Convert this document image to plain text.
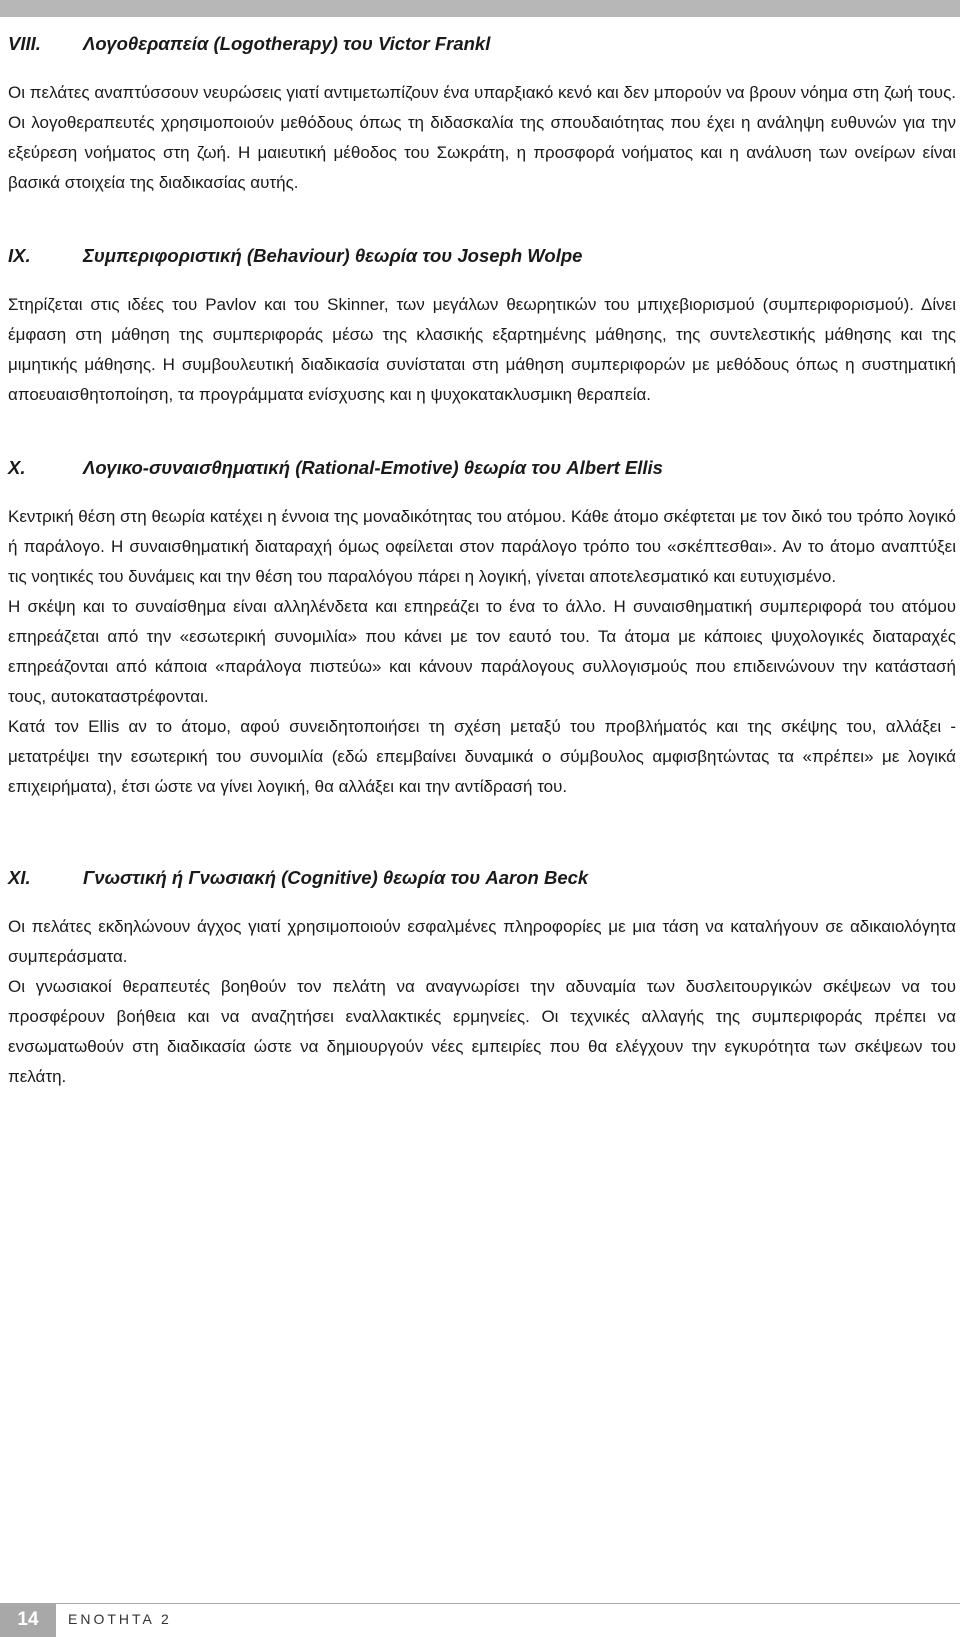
VIII.	Λογοθεραπεία (Logotherapy) του Victor Frankl

Οι πελάτες αναπτύσσουν νευρώσεις γιατί αντιμετωπίζουν ένα υπαρξιακό κενό και δεν μπορούν να βρουν νόημα στη ζωή τους. Οι λογοθεραπευτές χρησιμοποιούν μεθόδους όπως τη διδασκαλία της σπουδαιότητας που έχει η ανάληψη ευθυνών για την εξεύρεση νοήματος στη ζωή. Η μαιευτική μέθοδος του Σωκράτη, η προσφορά νοήματος και η ανάλυση των ονείρων είναι βασικά στοιχεία της διαδικασίας αυτής.

IX.	Συμπεριφοριστική (Behaviour) θεωρία του Joseph Wolpe

Στηρίζεται στις ιδέες του Pavlov και του Skinner, των μεγάλων θεωρητικών του μπιχεβιορισμού (συμπεριφορισμού). Δίνει έμφαση στη μάθηση της συμπεριφοράς μέσω της κλασικής εξαρτημένης μάθησης, της συντελεστικής μάθησης και της μιμητικής μάθησης. Η συμβουλευτική διαδικασία συνίσταται στη μάθηση συμπεριφορών με μεθόδους όπως η συστηματική αποευαισθητοποίηση, τα προγράμματα ενίσχυσης και η ψυχοκατακλυσμικη θεραπεία.

X.	Λογικο-συναισθηματική (Rational-Emotive) θεωρία του Albert Ellis

Κεντρική θέση στη θεωρία κατέχει η έννοια της μοναδικότητας του ατόμου. Κάθε άτομο σκέφτεται με τον δικό του τρόπο λογικό ή παράλογο. Η συναισθηματική διαταραχή όμως οφείλεται στον παράλογο τρόπο του «σκέπτεσθαι». Αν το άτομο αναπτύξει τις νοητικές του δυνάμεις και την θέση του παραλόγου πάρει η λογική, γίνεται αποτελεσματικό και ευτυχισμένο.

Η σκέψη και το συναίσθημα είναι αλληλένδετα και επηρεάζει το ένα το άλλο. Η συναισθηματική συμπεριφορά του ατόμου επηρεάζεται από την «εσωτερική συνομιλία» που κάνει με τον εαυτό του. Τα άτομα με κάποιες ψυχολογικές διαταραχές επηρεάζονται από κάποια «παράλογα πιστεύω» και κάνουν παράλογους συλλογισμούς που επιδεινώνουν την κατάστασή τους, αυτοκαταστρέφονται.

Κατά τον Ellis αν το άτομο, αφού συνειδητοποιήσει τη σχέση μεταξύ του προβλήματός και της σκέψης του, αλλάξει - μετατρέψει την εσωτερική του συνομιλία (εδώ επεμβαίνει δυναμικά ο σύμβουλος αμφισβητώντας τα «πρέπει» με λογικά επιχειρήματα), έτσι ώστε να γίνει λογική, θα αλλάξει και την αντίδρασή του.

XI.	Γνωστική ή Γνωσιακή (Cognitive) θεωρία του Aaron Beck

Οι πελάτες εκδηλώνουν άγχος γιατί χρησιμοποιούν εσφαλμένες πληροφορίες με μια τάση να καταλήγουν σε αδικαιολόγητα συμπεράσματα.

Οι γνωσιακοί θεραπευτές βοηθούν τον πελάτη να αναγνωρίσει την αδυναμία των δυσλειτουργικών σκέψεων να του προσφέρουν βοήθεια και να αναζητήσει εναλλακτικές ερμηνείες. Οι τεχνικές αλλαγής της συμπεριφοράς πρέπει να ενσωματωθούν στη διαδικασία ώστε να δημιουργούν νέες εμπειρίες που θα ελέγχουν την εγκυρότητα των σκέψεων του πελάτη.

14	ΕΝΟΤΗΤΑ 2
